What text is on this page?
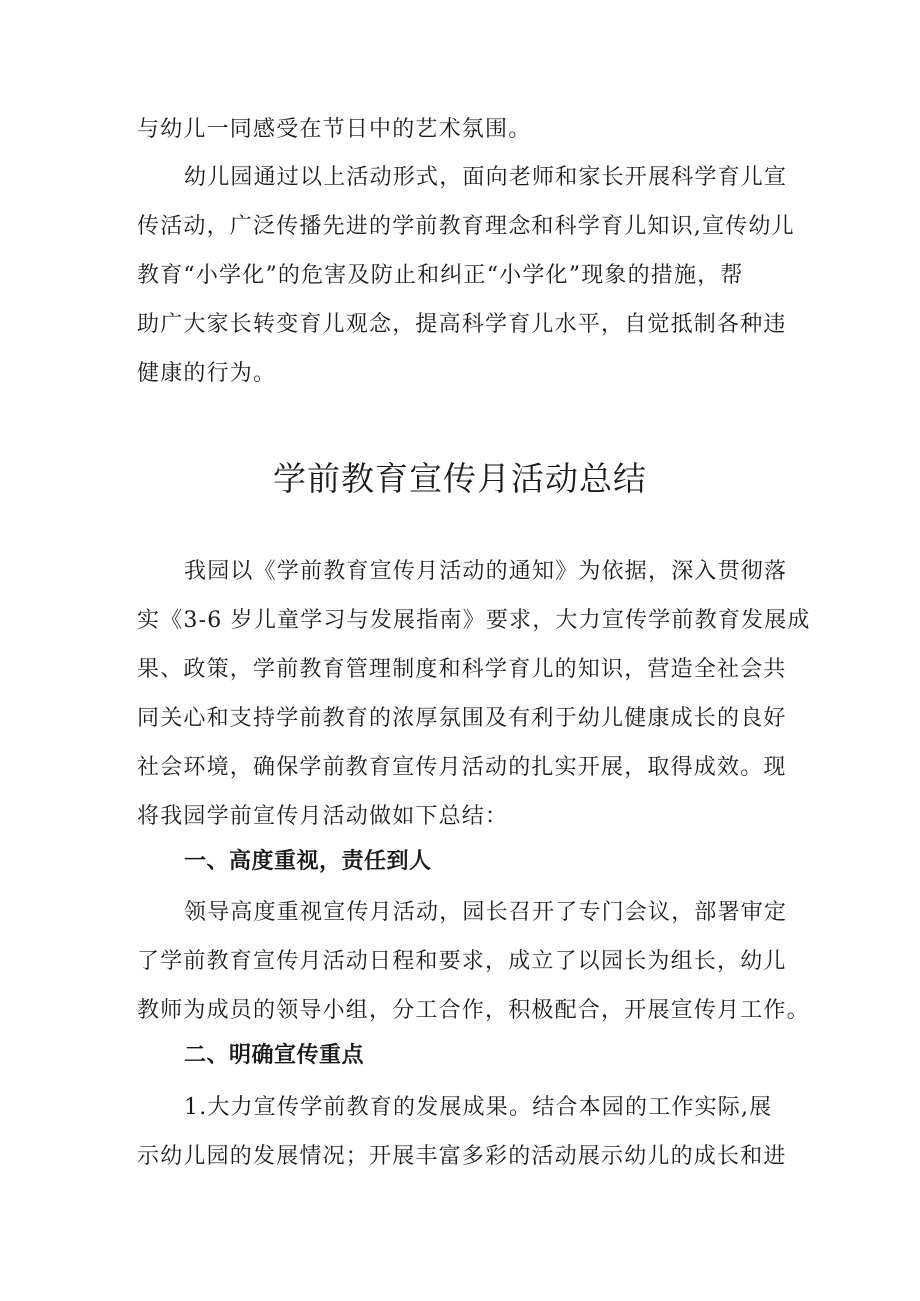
与幼儿一同感受在节日中的艺术氛围。
幼儿园通过以上活动形式，面向老师和家长开展科学育儿宣
传活动，广泛传播先进的学前教育理念和科学育儿知识,宣传幼儿
教育“小学化”的危害及防止和纠正“小学化”现象的措施，帮
助广大家长转变育儿观念，提高科学育儿水平，自觉抵制各种违
健康的行为。
学前教育宣传月活动总结
我园以《学前教育宣传月活动的通知》为依据，深入贯彻落
实《3-6 岁儿童学习与发展指南》要求，大力宣传学前教育发展成
果、政策，学前教育管理制度和科学育儿的知识，营造全社会共
同关心和支持学前教育的浓厚氛围及有利于幼儿健康成长的良好
社会环境，确保学前教育宣传月活动的扎实开展，取得成效。现
将我园学前宣传月活动做如下总结：
一、高度重视，责任到人
领导高度重视宣传月活动，园长召开了专门会议，部署审定
了学前教育宣传月活动日程和要求，成立了以园长为组长，幼儿
教师为成员的领导小组，分工合作，积极配合，开展宣传月工作。
二、明确宣传重点
1.大力宣传学前教育的发展成果。结合本园的工作实际,展
示幼儿园的发展情况；开展丰富多彩的活动展示幼儿的成长和进
